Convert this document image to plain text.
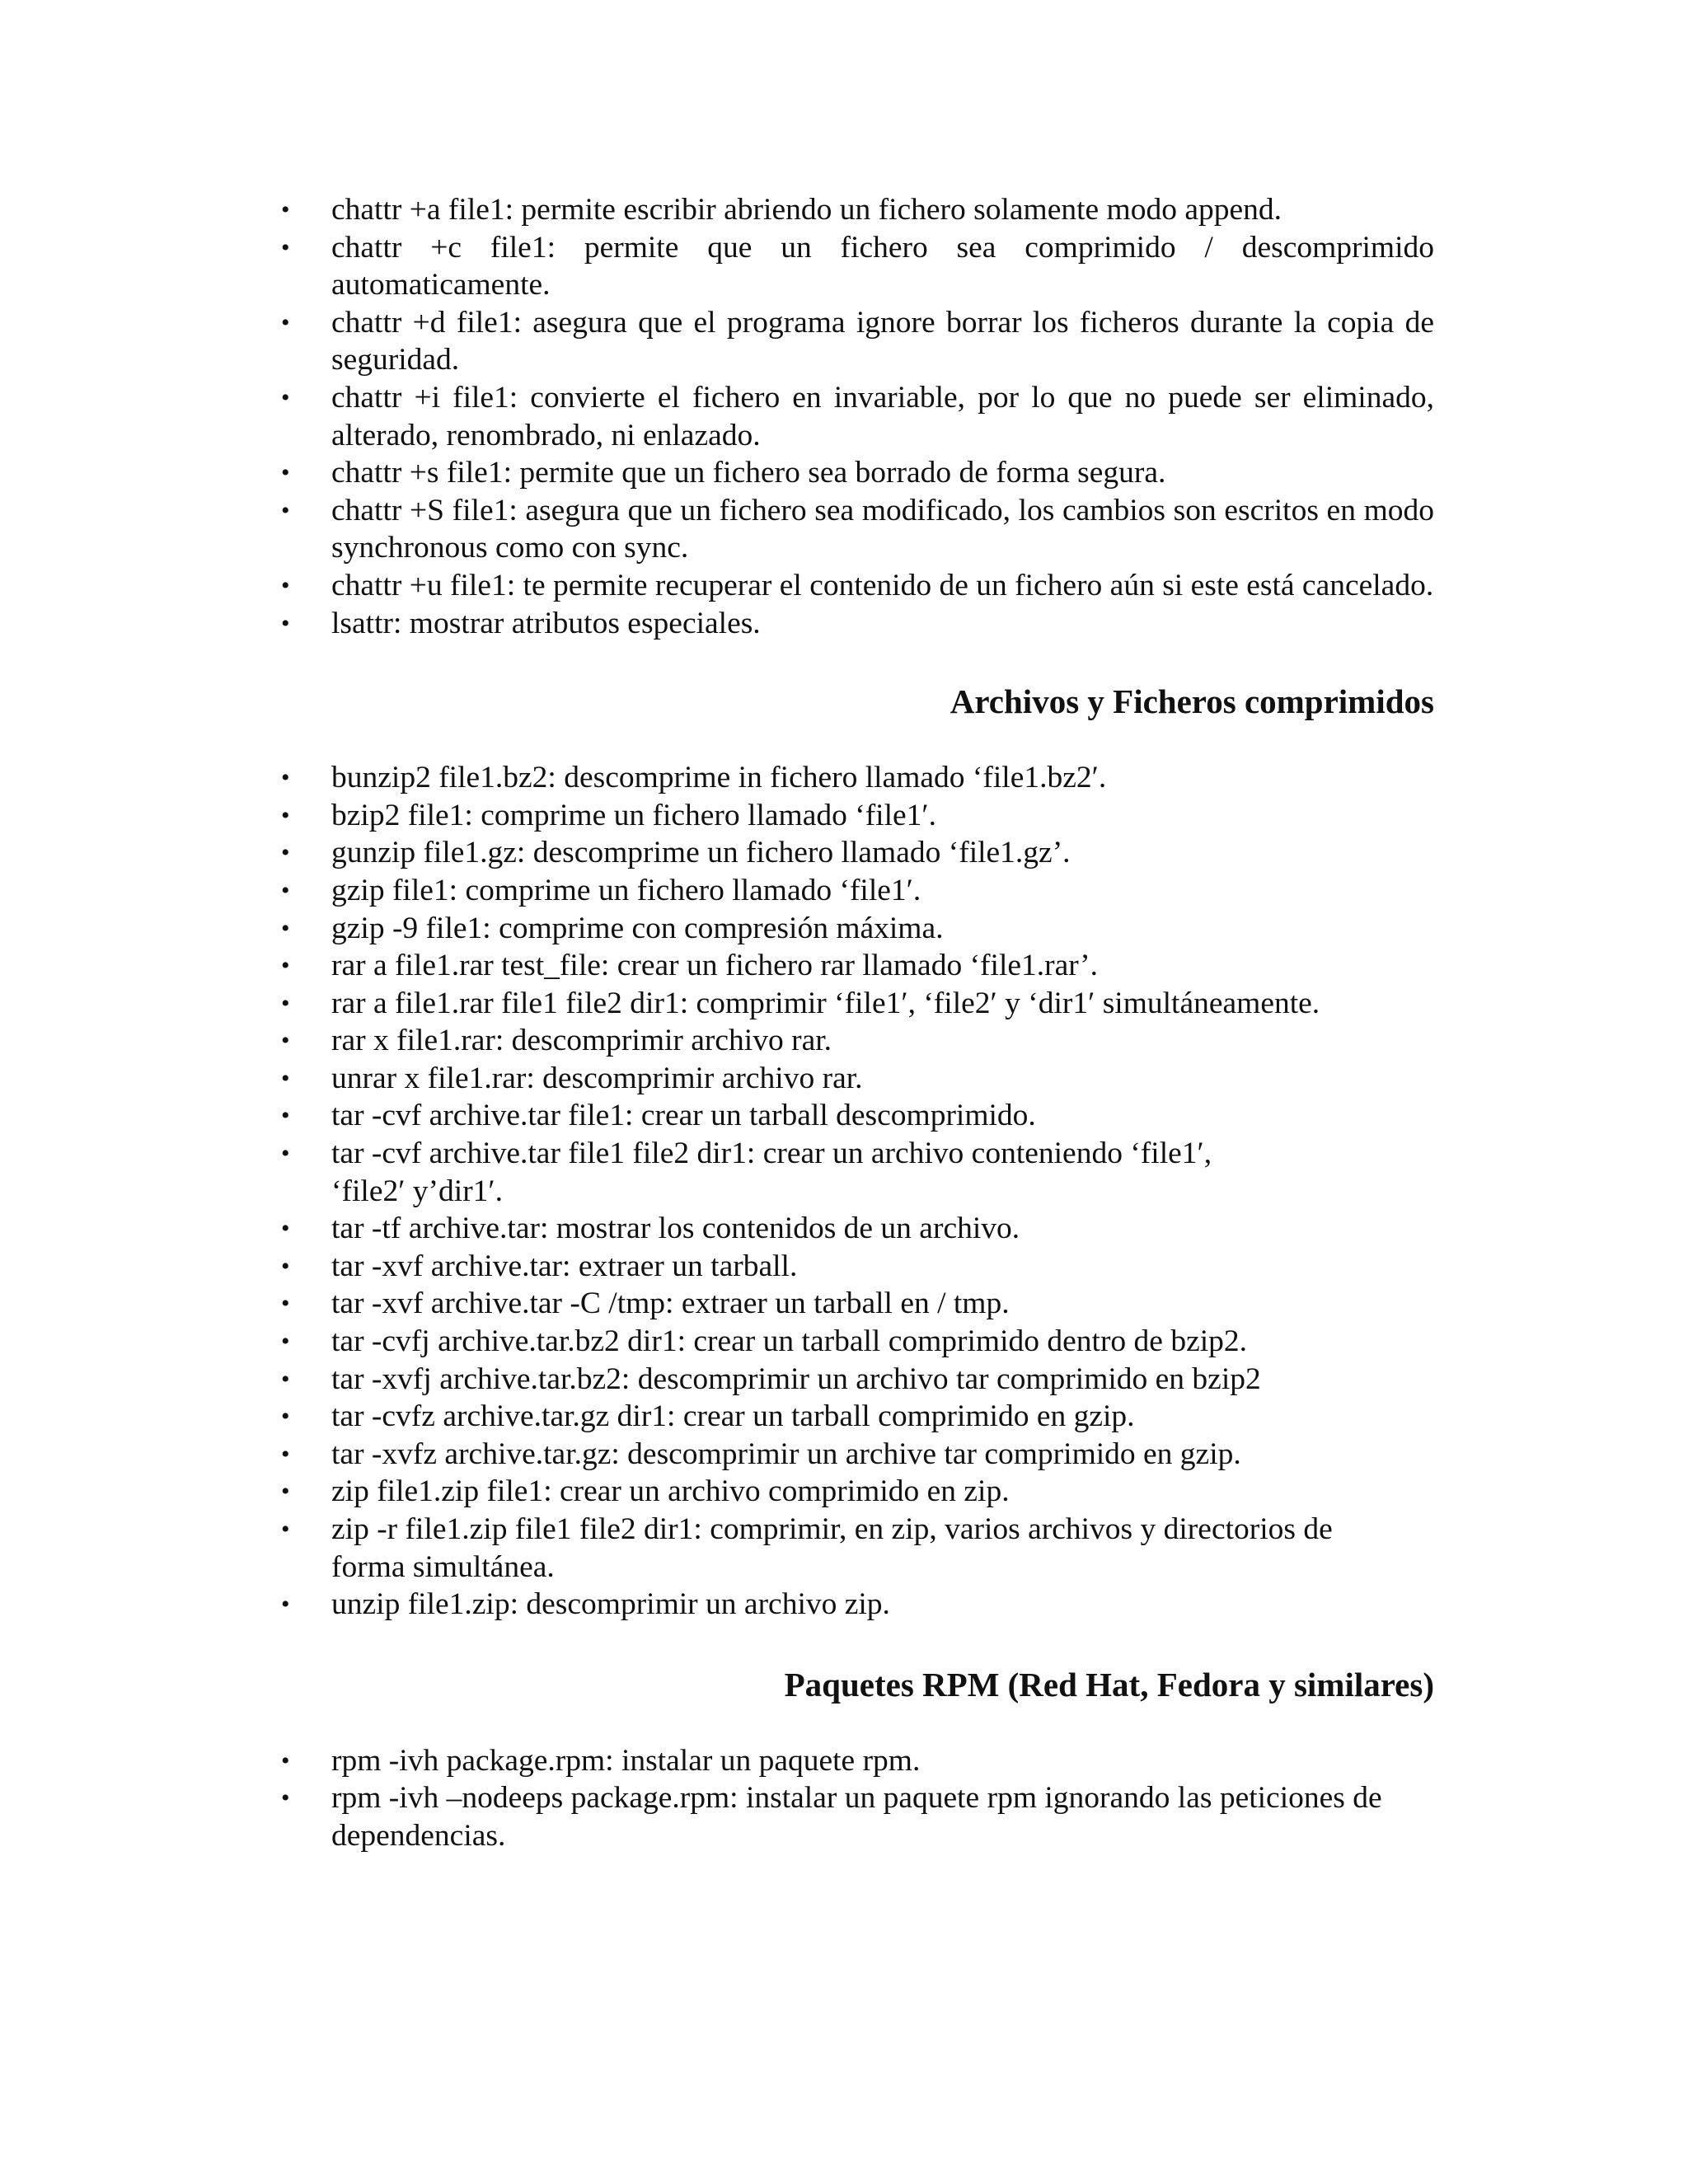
• chattr +a file1: permite escribir abriendo un fichero solamente modo append.
• chattr +c file1: permite que un fichero sea comprimido / descomprimido automaticamente.
• chattr +d file1: asegura que el programa ignore borrar los ficheros durante la copia de seguridad.
• chattr +i file1: convierte el fichero en invariable, por lo que no puede ser eliminado, alterado, renombrado, ni enlazado.
• chattr +s file1: permite que un fichero sea borrado de forma segura.
• chattr +S file1: asegura que un fichero sea modificado, los cambios son escritos en modo synchronous como con sync.
• chattr +u file1: te permite recuperar el contenido de un fichero aún si este está cancelado.
• lsattr: mostrar atributos especiales.
Archivos y Ficheros comprimidos
• bunzip2 file1.bz2: descomprime in fichero llamado ‘file1.bz2′.
• bzip2 file1: comprime un fichero llamado ‘file1′.
• gunzip file1.gz: descomprime un fichero llamado ‘file1.gz’.
• gzip file1: comprime un fichero llamado ‘file1′.
• gzip -9 file1: comprime con compresión máxima.
• rar a file1.rar test_file: crear un fichero rar llamado ‘file1.rar’.
• rar a file1.rar file1 file2 dir1: comprimir ‘file1′, ‘file2′ y ‘dir1′ simultáneamente.
• rar x file1.rar: descomprimir archivo rar.
• unrar x file1.rar: descomprimir archivo rar.
• tar -cvf archive.tar file1: crear un tarball descomprimido.
• tar -cvf archive.tar file1 file2 dir1: crear un archivo conteniendo ‘file1′, ‘file2′ y’dir1′.
• tar -tf archive.tar: mostrar los contenidos de un archivo.
• tar -xvf archive.tar: extraer un tarball.
• tar -xvf archive.tar -C /tmp: extraer un tarball en / tmp.
• tar -cvfj archive.tar.bz2 dir1: crear un tarball comprimido dentro de bzip2.
• tar -xvfj archive.tar.bz2: descomprimir un archivo tar comprimido en bzip2
• tar -cvfz archive.tar.gz dir1: crear un tarball comprimido en gzip.
• tar -xvfz archive.tar.gz: descomprimir un archive tar comprimido en gzip.
• zip file1.zip file1: crear un archivo comprimido en zip.
• zip -r file1.zip file1 file2 dir1: comprimir, en zip, varios archivos y directorios de forma simultánea.
• unzip file1.zip: descomprimir un archivo zip.
Paquetes RPM (Red Hat, Fedora y similares)
• rpm -ivh package.rpm: instalar un paquete rpm.
• rpm -ivh –nodeeps package.rpm: instalar un paquete rpm ignorando las peticiones de dependencias.
